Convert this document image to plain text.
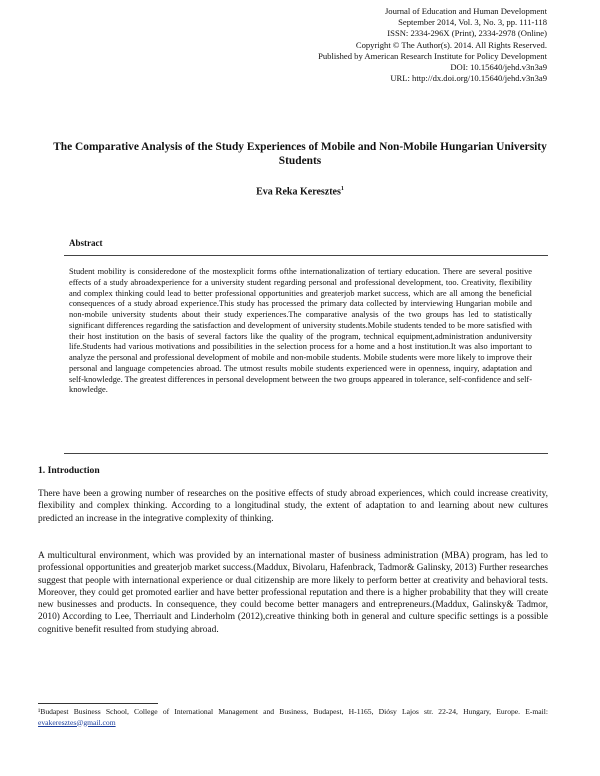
Journal of Education and Human Development
September 2014, Vol. 3, No. 3, pp. 111-118
ISSN: 2334-296X (Print), 2334-2978 (Online)
Copyright © The Author(s). 2014. All Rights Reserved.
Published by American Research Institute for Policy Development
DOI: 10.15640/jehd.v3n3a9
URL: http://dx.doi.org/10.15640/jehd.v3n3a9
The Comparative Analysis of the Study Experiences of Mobile and Non-Mobile Hungarian University Students
Eva Reka Keresztes$^1$
Abstract
Student mobility is consideredone of the mostexplicit forms ofthe internationalization of tertiary education. There are several positive effects of a study abroadexperience for a university student regarding personal and professional development, too. Creativity, flexibility and complex thinking could lead to better professional opportunities and greaterjob market success, which are all among the beneficial consequences of a study abroad experience.This study has processed the primary data collected by interviewing Hungarian mobile and non-mobile university students about their study experiences.The comparative analysis of the two groups has led to statistically significant differences regarding the satisfaction and development of university students.Mobile students tended to be more satisfied with their host institution on the basis of several factors like the quality of the program, technical equipment,administration anduniversity life.Students had various motivations and possibilities in the selection process for a home and a host institution.It was also important to analyze the personal and professional development of mobile and non-mobile students. Mobile students were more likely to improve their personal and language competencies abroad. The utmost results mobile students experienced were in openness, inquiry, adaptation and self-knowledge. The greatest differences in personal development between the two groups appeared in tolerance, self-confidence and self-knowledge.
1. Introduction
There have been a growing number of researches on the positive effects of study abroad experiences, which could increase creativity, flexibility and complex thinking. According to a longitudinal study, the extent of adaptation to and learning about new cultures predicted an increase in the integrative complexity of thinking.
A multicultural environment, which was provided by an international master of business administration (MBA) program, has led to professional opportunities and greaterjob market success.(Maddux, Bivolaru, Hafenbrack, Tadmor& Galinsky, 2013) Further researches suggest that people with international experience or dual citizenship are more likely to perform better at creativity and behavioral tests. Moreover, they could get promoted earlier and have better professional reputation and there is a higher probability that they will create new businesses and products. In consequence, they could become better managers and entrepreneurs.(Maddux, Galinsky& Tadmor, 2010) According to Lee, Therriault and Linderholm (2012),creative thinking both in general and culture specific settings is a possible cognitive benefit resulted from studying abroad.
¹Budapest Business School, College of International Management and Business, Budapest, H-1165, Diósy Lajos str. 22-24, Hungary, Europe. E-mail: evakeresztes@gmail.com
